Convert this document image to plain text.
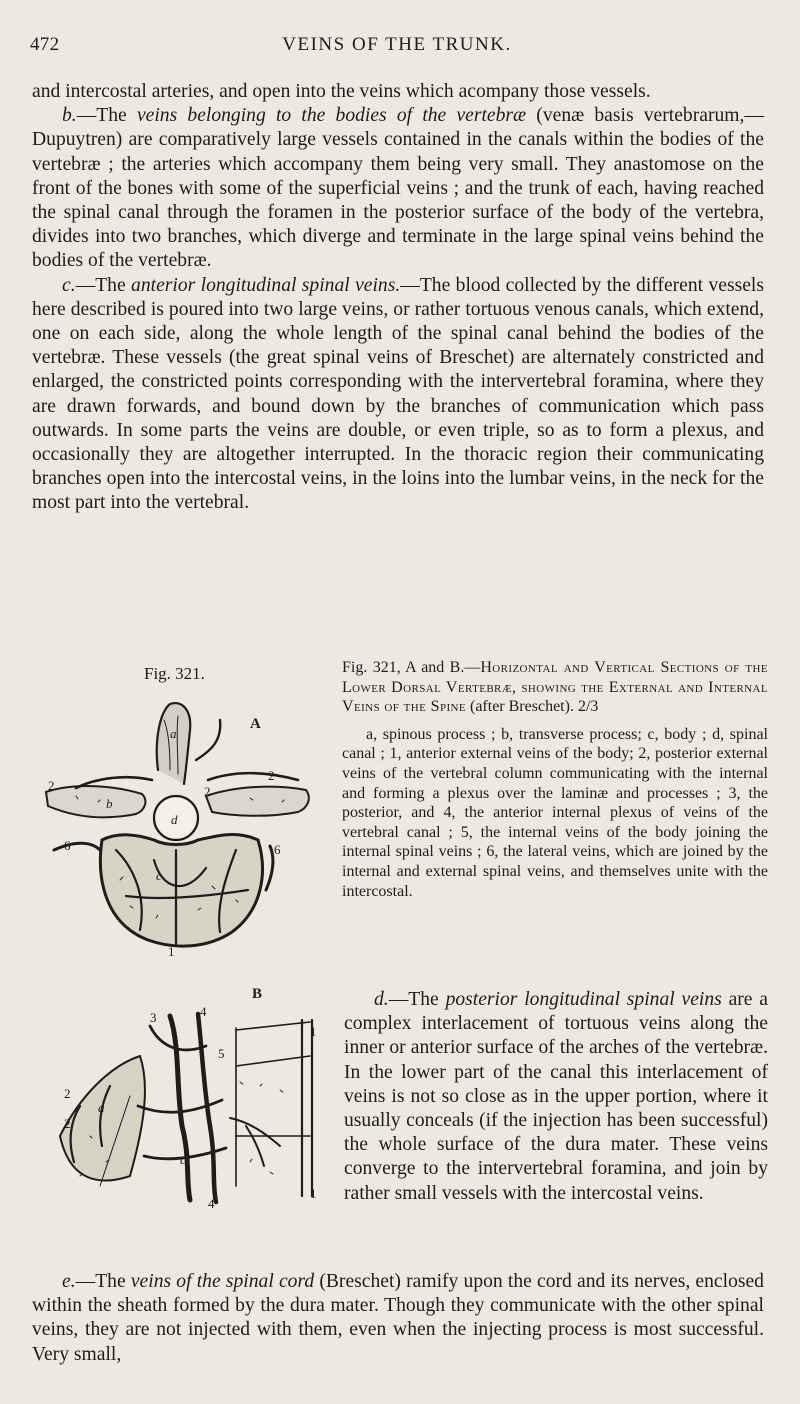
472	VEINS OF THE TRUNK.

and intercostal arteries, and open into the veins which acompany those vessels.

b.—The veins belonging to the bodies of the vertebræ (venæ basis vertebrarum,—Dupuytren) are comparatively large vessels contained in the canals within the bodies of the vertebræ ; the arteries which accompany them being very small. They anastomose on the front of the bones with some of the superficial veins ; and the trunk of each, having reached the spinal canal through the foramen in the posterior surface of the body of the vertebra, divides into two branches, which diverge and terminate in the large spinal veins behind the bodies of the vertebræ.

c.—The anterior longitudinal spinal veins.—The blood collected by the different vessels here described is poured into two large veins, or rather tortuous venous canals, which extend, one on each side, along the whole length of the spinal canal behind the bodies of the vertebræ. These vessels (the great spinal veins of Breschet) are alternately constricted and enlarged, the constricted points corresponding with the intervertebral foramina, where they are drawn forwards, and bound down by the branches of communication which pass outwards. In some parts the veins are double, or even triple, so as to form a plexus, and occasionally they are altogether interrupted. In the thoracic region their communicating branches open into the intercostal veins, in the loins into the lumbar veins, in the neck for the most part into the vertebral.

Fig. 321.	Fig. 321, A and B.—Horizontal and Vertical Sections of the Lower Dorsal Vertebræ, showing the External and Internal Veins of the Spine (after Breschet). 2/3

a, spinous process ; b, transverse process; c, body ; d, spinal canal ; 1, anterior external veins of the body; 2, posterior external veins of the vertebral column communicating with the internal and forming a plexus over the laminæ and processes ; 3, the posterior, and 4, the anterior internal plexus of veins of the vertebral canal ; 5, the internal veins of the body joining the internal spinal veins ; 6, the lateral veins, which are joined by the internal and external spinal veins, and themselves unite with the intercostal.

A
a
b
c
d
1
2	2
2
6	6
B
a
c
1
1
2
2
3	4
4
5

d.—The posterior longitudinal spinal veins are a complex interlacement of tortuous veins along the inner or anterior surface of the arches of the vertebræ. In the lower part of the canal this interlacement of veins is not so close as in the upper portion, where it usually conceals (if the injection has been successful) the whole surface of the dura mater. These veins converge to the intervertebral foramina, and join by rather small vessels with the intercostal veins.

e.—The veins of the spinal cord (Breschet) ramify upon the cord and its nerves, enclosed within the sheath formed by the dura mater. Though they communicate with the other spinal veins, they are not injected with them, even when the injecting process is most successful. Very small,
